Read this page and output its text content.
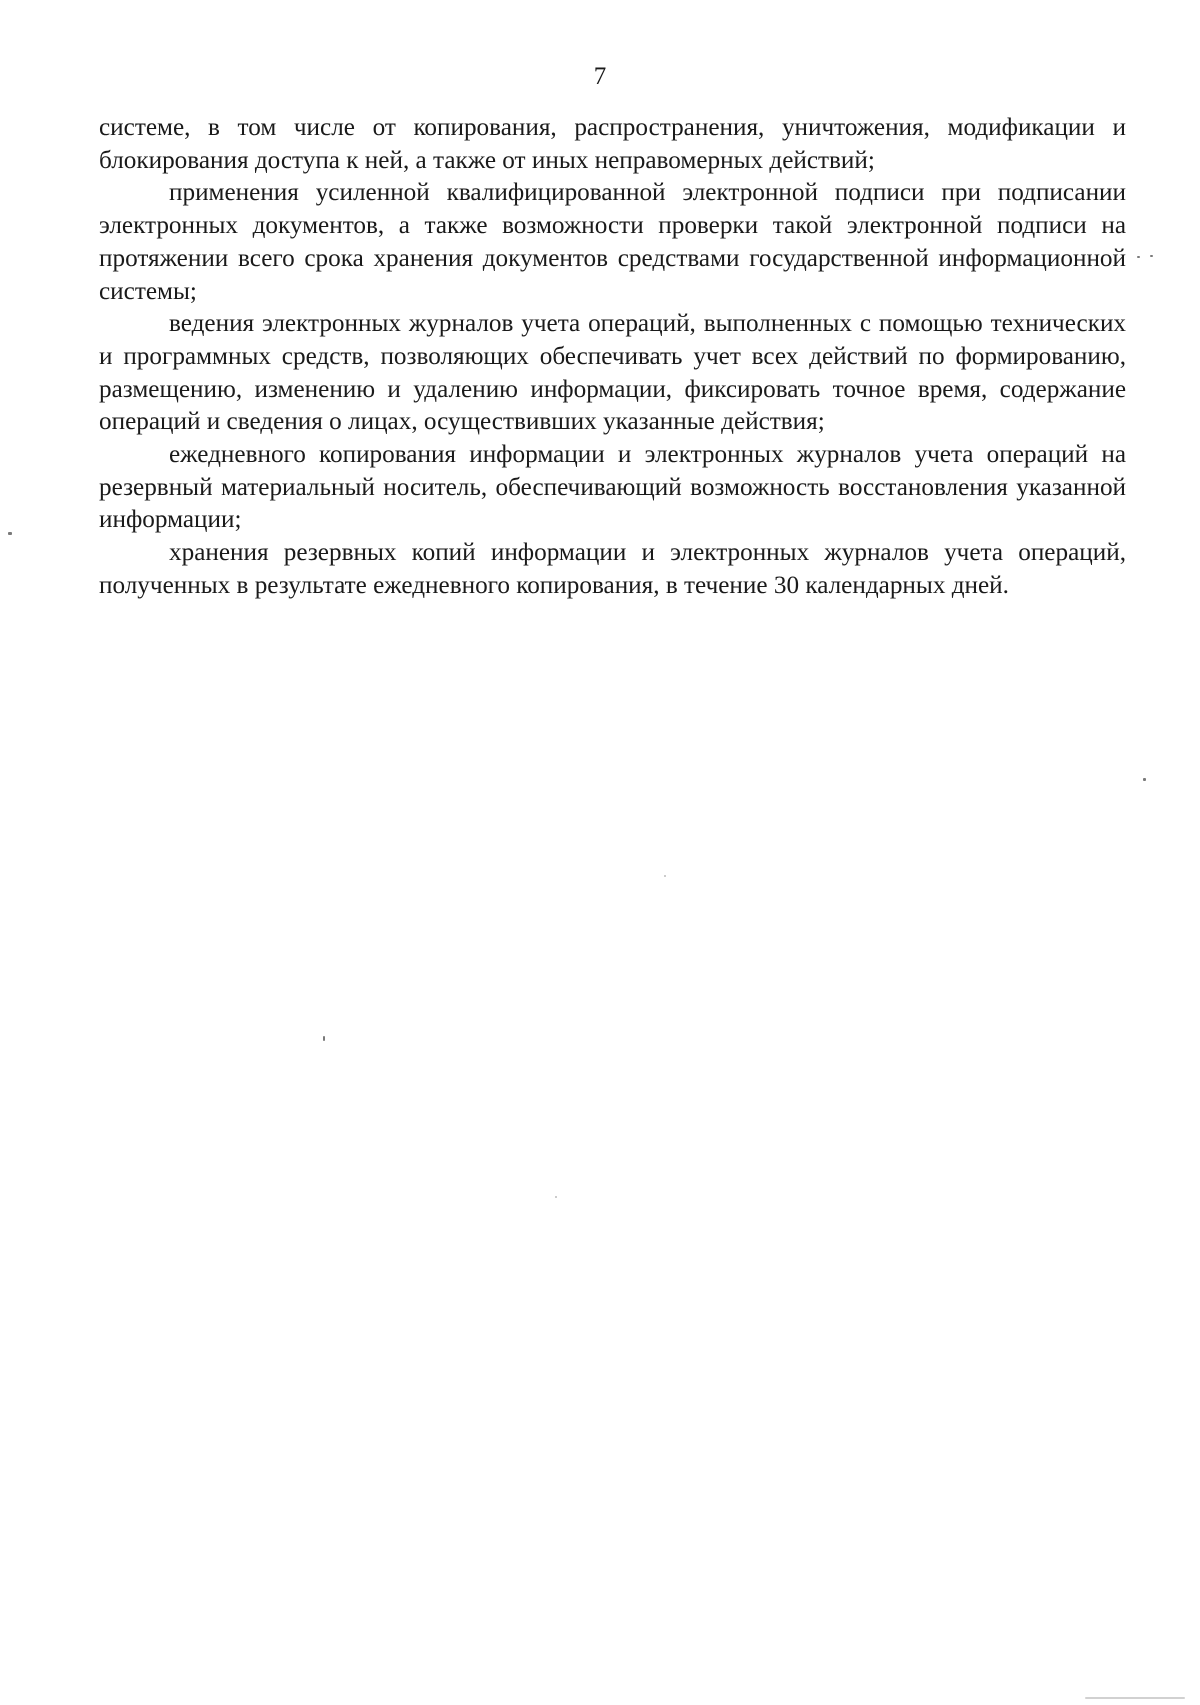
7
системе, в том числе от копирования, распространения, уничтожения, модификации и блокирования доступа к ней, а также от иных неправомерных действий;
применения усиленной квалифицированной электронной подписи при подписании электронных документов, а также возможности проверки такой электронной подписи на протяжении всего срока хранения документов средствами государственной информационной системы;
ведения электронных журналов учета операций, выполненных с помощью технических и программных средств, позволяющих обеспечивать учет всех действий по формированию, размещению, изменению и удалению информации, фиксировать точное время, содержание операций и сведения о лицах, осуществивших указанные действия;
ежедневного копирования информации и электронных журналов учета операций на резервный материальный носитель, обеспечивающий возможность восстановления указанной информации;
хранения резервных копий информации и электронных журналов учета операций, полученных в результате ежедневного копирования, в течение 30 календарных дней.
